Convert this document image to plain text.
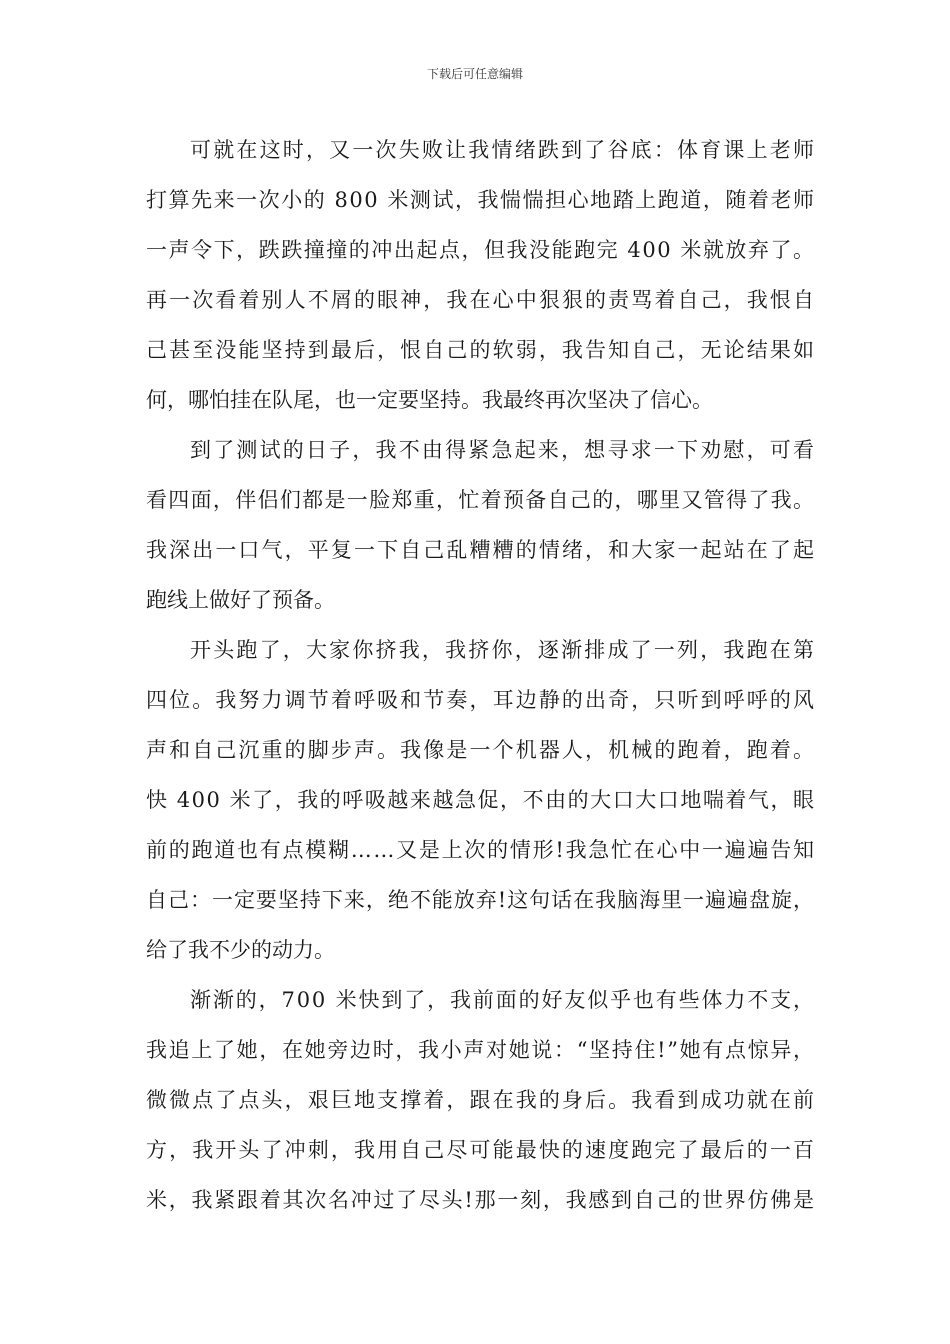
下载后可任意编辑
可就在这时，又一次失败让我情绪跌到了谷底：体育课上老师
打算先来一次小的 800 米测试，我惴惴担心地踏上跑道，随着老师
一声令下，跌跌撞撞的冲出起点，但我没能跑完 400 米就放弃了。
再一次看着别人不屑的眼神，我在心中狠狠的责骂着自己，我恨自
己甚至没能坚持到最后，恨自己的软弱，我告知自己，无论结果如
何，哪怕挂在队尾，也一定要坚持。我最终再次坚决了信心。
到了测试的日子，我不由得紧急起来，想寻求一下劝慰，可看
看四面，伴侣们都是一脸郑重，忙着预备自己的，哪里又管得了我。
我深出一口气，平复一下自己乱糟糟的情绪，和大家一起站在了起
跑线上做好了预备。
开头跑了，大家你挤我，我挤你，逐渐排成了一列，我跑在第
四位。我努力调节着呼吸和节奏，耳边静的出奇，只听到呼呼的风
声和自己沉重的脚步声。我像是一个机器人，机械的跑着，跑着。
快 400 米了，我的呼吸越来越急促，不由的大口大口地喘着气，眼
前的跑道也有点模糊……又是上次的情形!我急忙在心中一遍遍告知
自己：一定要坚持下来，绝不能放弃!这句话在我脑海里一遍遍盘旋，
给了我不少的动力。
渐渐的，700 米快到了，我前面的好友似乎也有些体力不支，
我追上了她，在她旁边时，我小声对她说：“坚持住!”她有点惊异，
微微点了点头，艰巨地支撑着，跟在我的身后。我看到成功就在前
方，我开头了冲刺，我用自己尽可能最快的速度跑完了最后的一百
米，我紧跟着其次名冲过了尽头!那一刻，我感到自己的世界仿佛是
